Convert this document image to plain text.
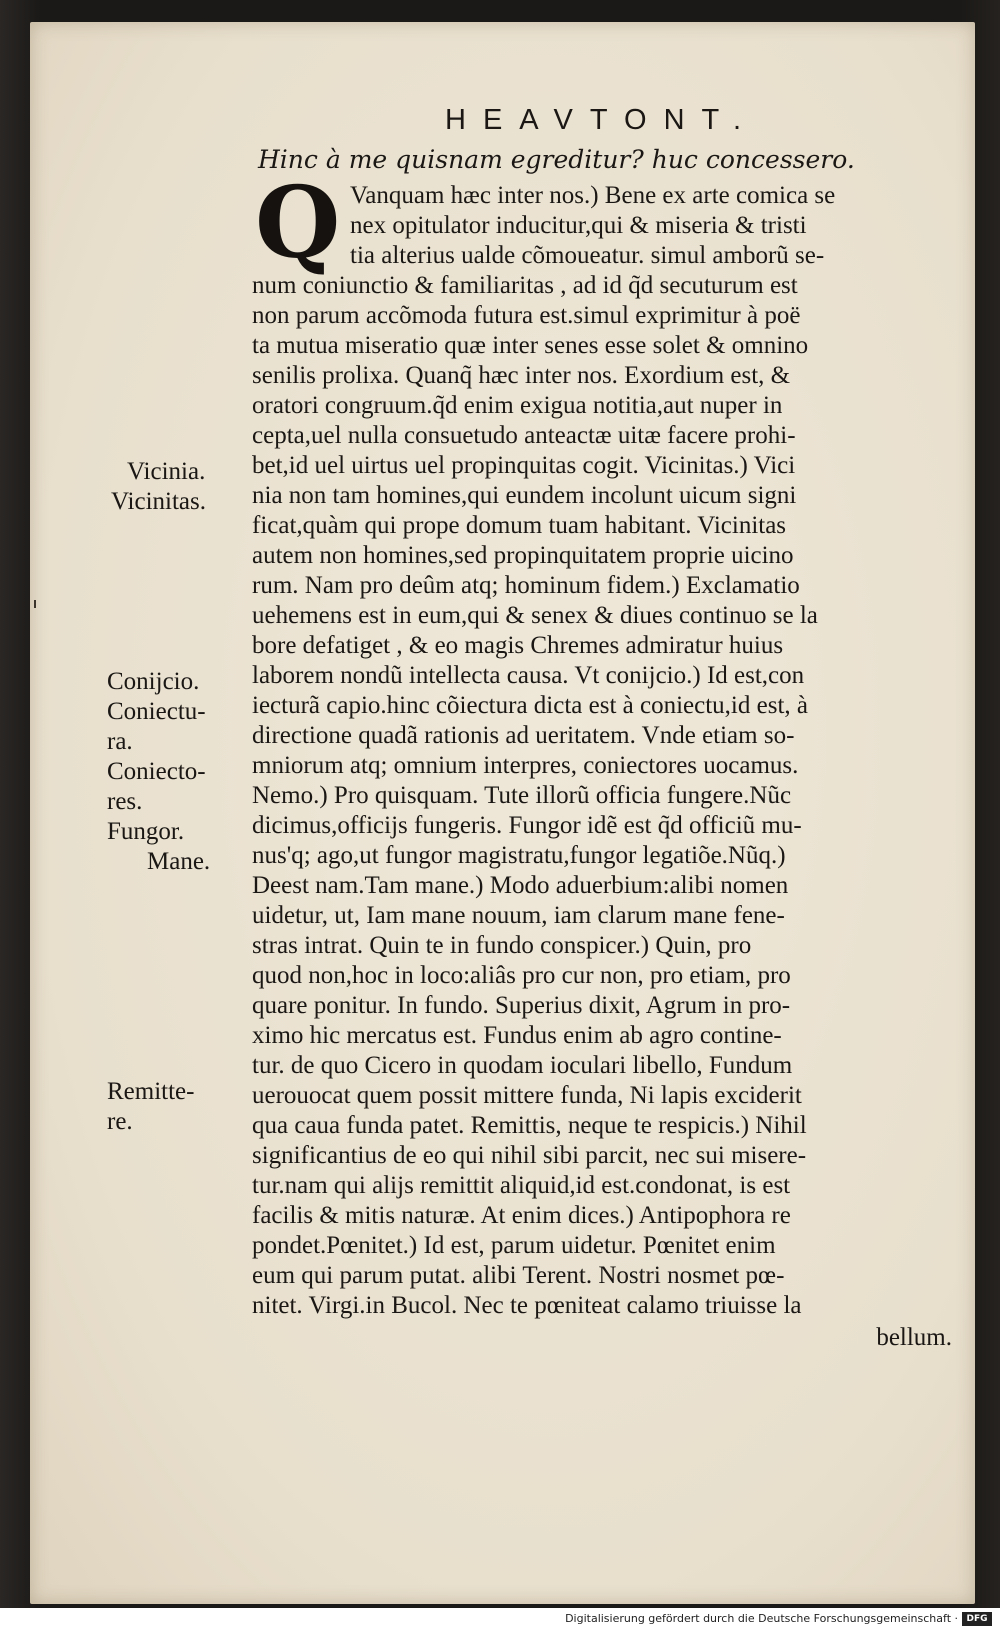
HEAVTONT.
Hinc à me quisnam egreditur? huc concessero.
Q Vanquam hæc inter nos.) Bene ex arte comica se
nex opitulator inducitur,qui & miseria & tristi
tia alterius ualde cõmoueatur. simul amborũ se-
num coniunctio & familiaritas , ad id q̃d secuturum est
non parum accõmoda futura est.simul exprimitur à poë
ta mutua miseratio quæ inter senes esse solet & omnino
senilis prolixa. Quanq̃ hæc inter nos. Exordium est, &
oratori congruum.q̃d enim exigua notitia,aut nuper in
cepta,uel nulla consuetudo anteactæ uitæ facere prohi-
bet,id uel uirtus uel propinquitas cogit. Vicinitas.) Vici
nia non tam homines,qui eundem incolunt uicum signi
ficat,quàm qui prope domum tuam habitant. Vicinitas
autem non homines,sed propinquitatem proprie uicino
rum. Nam pro deûm atq; hominum fidem.) Exclamatio
uehemens est in eum,qui & senex & diues continuo se la
bore defatiget , & eo magis Chremes admiratur huius
laborem nondũ intellecta causa. Vt conijcio.) Id est,con
iecturã capio.hinc cõiectura dicta est à coniectu,id est, à
directione quadã rationis ad ueritatem. Vnde etiam so-
mniorum atq; omnium interpres, coniectores uocamus.
Nemo.) Pro quisquam. Tute illorũ officia fungere.Nũc
dicimus,officijs fungeris. Fungor idẽ est q̃d officiũ mu-
nus'q; ago,ut fungor magistratu,fungor legatiõe.Nũq.)
Deest nam.Tam mane.) Modo aduerbium:alibi nomen
uidetur, ut, Iam mane nouum, iam clarum mane fene-
stras intrat. Quin te in fundo conspicer.) Quin, pro
quod non,hoc in loco:aliâs pro cur non, pro etiam, pro
quare ponitur. In fundo. Superius dixit, Agrum in pro-
ximo hic mercatus est. Fundus enim ab agro contine-
tur. de quo Cicero in quodam ioculari libello, Fundum
uerouocat quem possit mittere funda, Ni lapis exciderit
qua caua funda patet. Remittis, neque te respicis.) Nihil
significantius de eo qui nihil sibi parcit, nec sui misere-
tur.nam qui alijs remittit aliquid,id est.condonat, is est
facilis & mitis naturæ. At enim dices.) Antipophora re
pondet.Pœnitet.) Id est, parum uidetur. Pœnitet enim
eum qui parum putat. alibi Terent. Nostri nosmet pœ-
nitet. Virgi.in Bucol. Nec te pœniteat calamo triuisse la
bellum.
Vicinia.
Vicinitas.
Conijcio.
Coniectu-
ra.
Coniecto-
res.
Fungor.
Mane.
Remitte-
re.
Digitalisierung gefördert durch die Deutsche Forschungsgemeinschaft · DFG
